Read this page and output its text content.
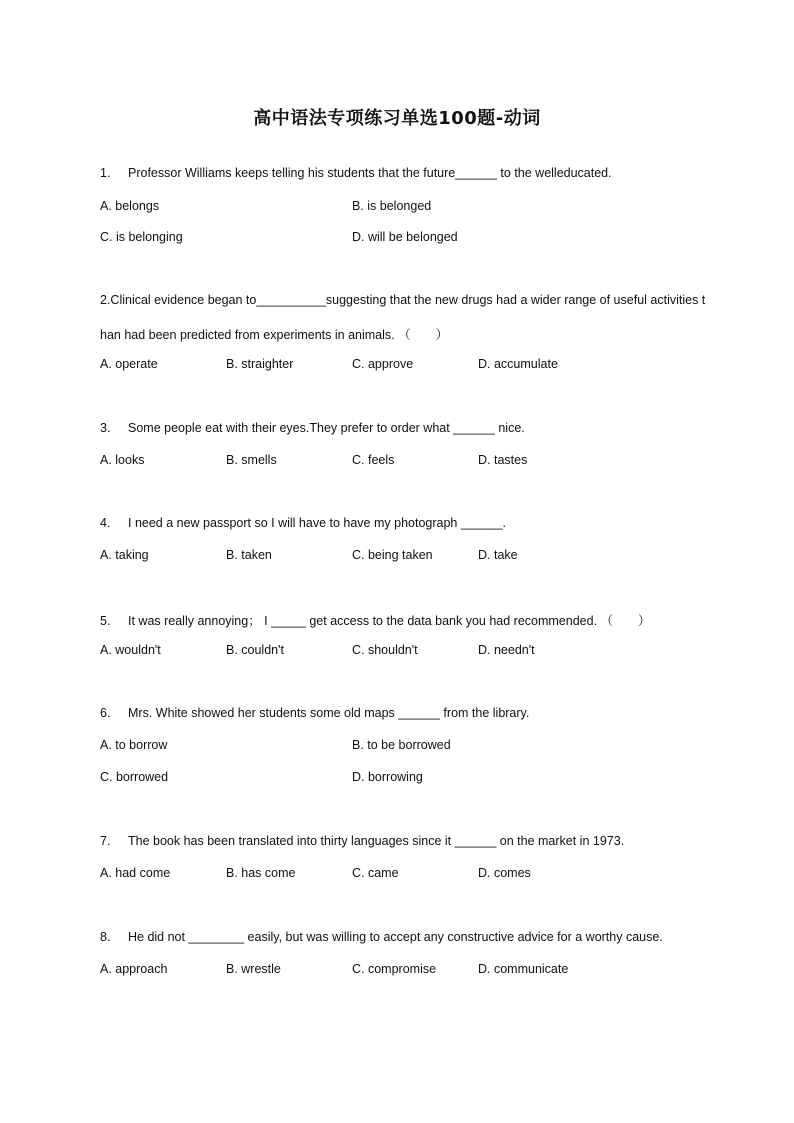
高中语法专项练习单选100题-动词
1. Professor Williams keeps telling his students that the future______ to the welleducated.
A. belongs	B. is belonged
C. is belonging	D. will be belonged
2.Clinical evidence began to__________suggesting that the new drugs had a wider range of useful activities t
han had been predicted from experiments in animals. （　　）
A. operate	B. straighter	C. approve	D. accumulate
3. Some people eat with their eyes.They prefer to order what ______ nice.
A. looks	B. smells	C. feels	D. tastes
4. I need a new passport so I will have to have my photograph ______.
A. taking	B. taken	C. being taken	D. take
5. It was really annoying； I _____ get access to the data bank you had recommended. （　　）
A. wouldn't	B. couldn't	C. shouldn't	D. needn't
6. Mrs. White showed her students some old maps ______ from the library.
A. to borrow	B. to be borrowed
C. borrowed	D. borrowing
7. The book has been translated into thirty languages since it ______ on the market in 1973.
A. had come	B. has come	C. came	D. comes
8. He did not ________ easily, but was willing to accept any constructive advice for a worthy cause.
A. approach	B. wrestle	C. compromise	D. communicate
